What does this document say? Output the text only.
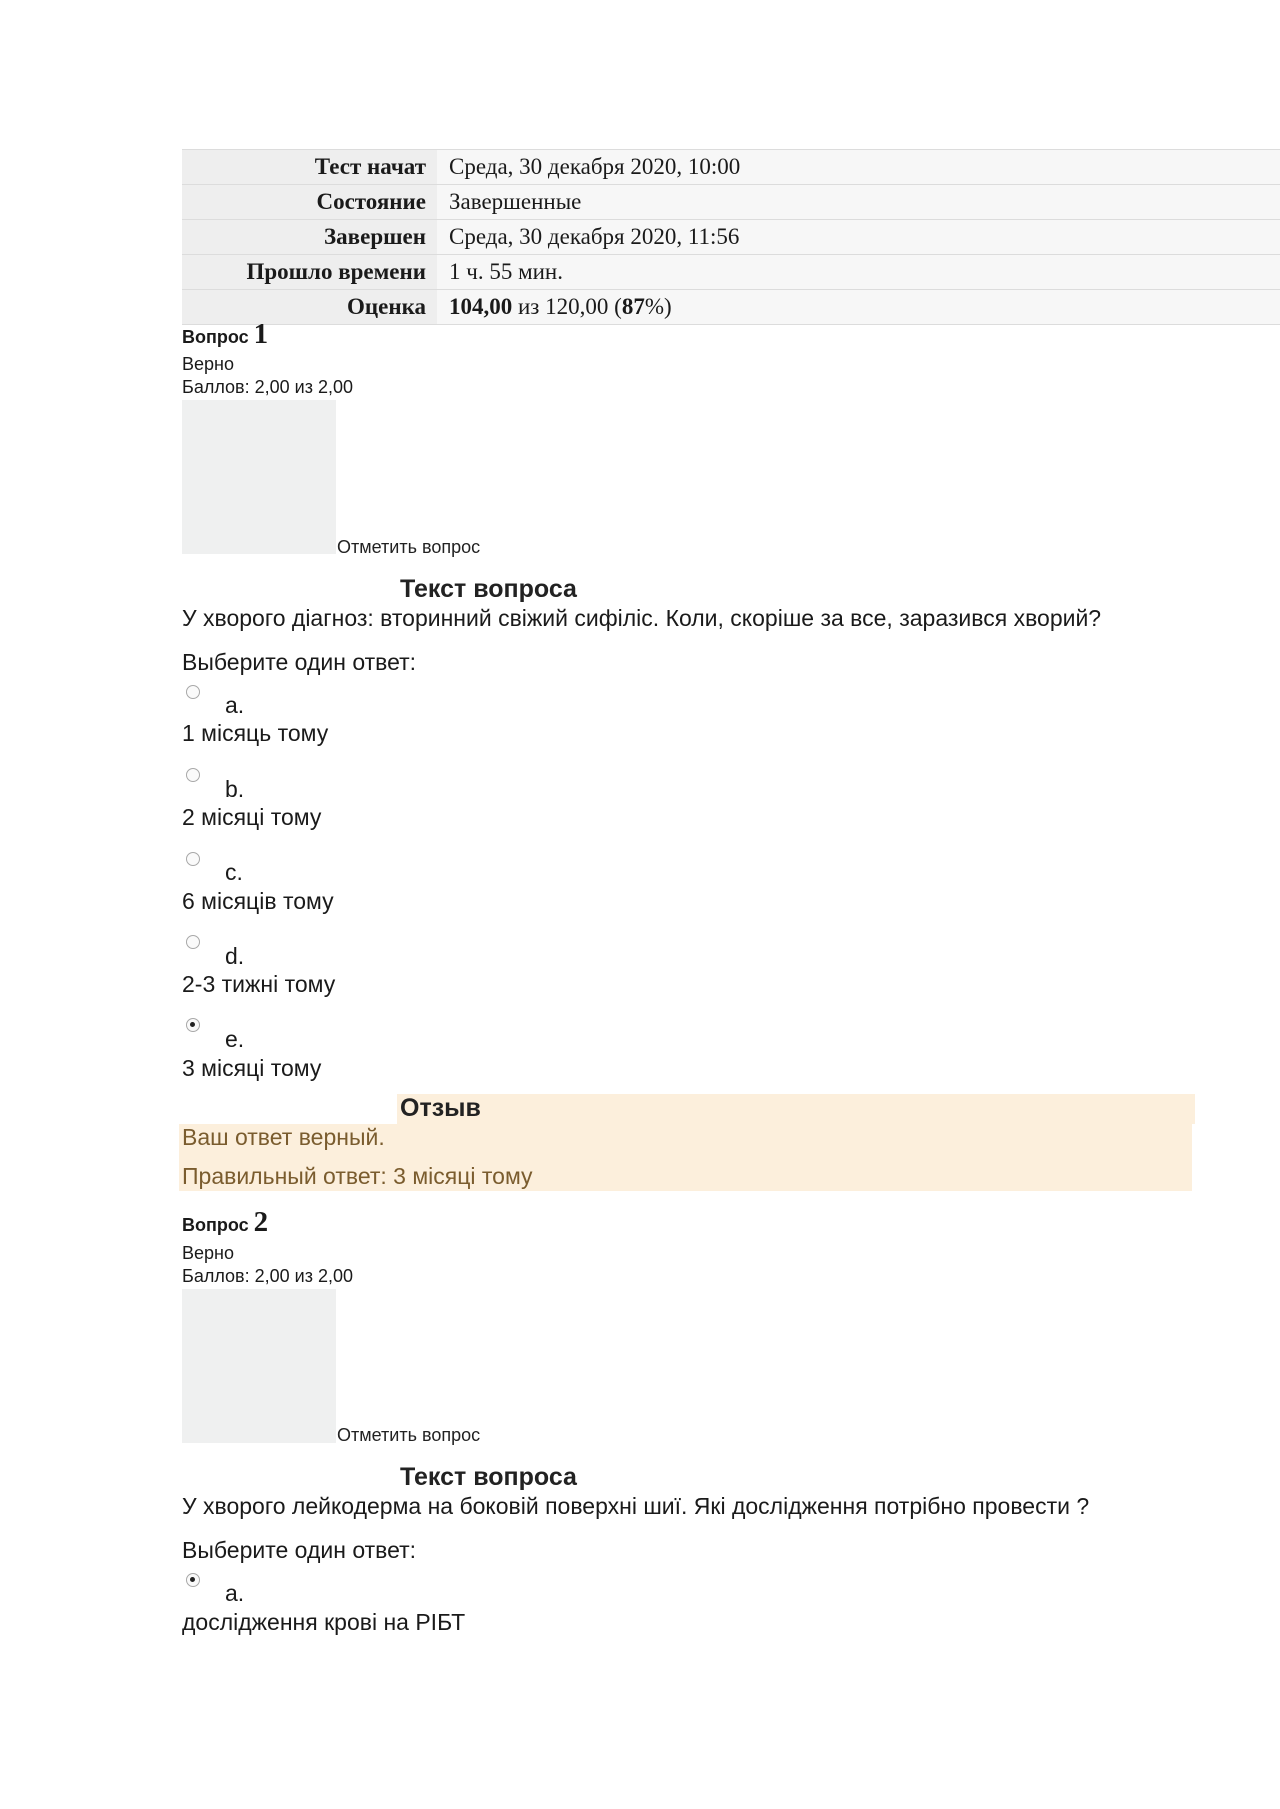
Тест начат	Среда, 30 декабря 2020, 10:00
Состояние	Завершенные
Завершен	Среда, 30 декабря 2020, 11:56
Прошло времени	1 ч. 55 мин.
Оценка	104,00 из 120,00 (87%)
Вопрос 1
Верно
Баллов: 2,00 из 2,00
Отметить вопрос
Текст вопроса
У хворого діагноз: вторинний свіжий сифіліс. Коли, скоріше за все, заразився хворий?
Выберите один ответ:
a.
1 місяць тому
b.
2 місяці тому
c.
6 місяців тому
d.
2-3 тижні тому
e.
3 місяці тому
Отзыв
Ваш ответ верный.
Правильный ответ: 3 місяці тому
Вопрос 2
Верно
Баллов: 2,00 из 2,00
Отметить вопрос
Текст вопроса
У хворого лейкодерма на боковій поверхні шиї. Які дослідження потрібно провести ?
Выберите один ответ:
a.
дослідження крові на РІБТ
